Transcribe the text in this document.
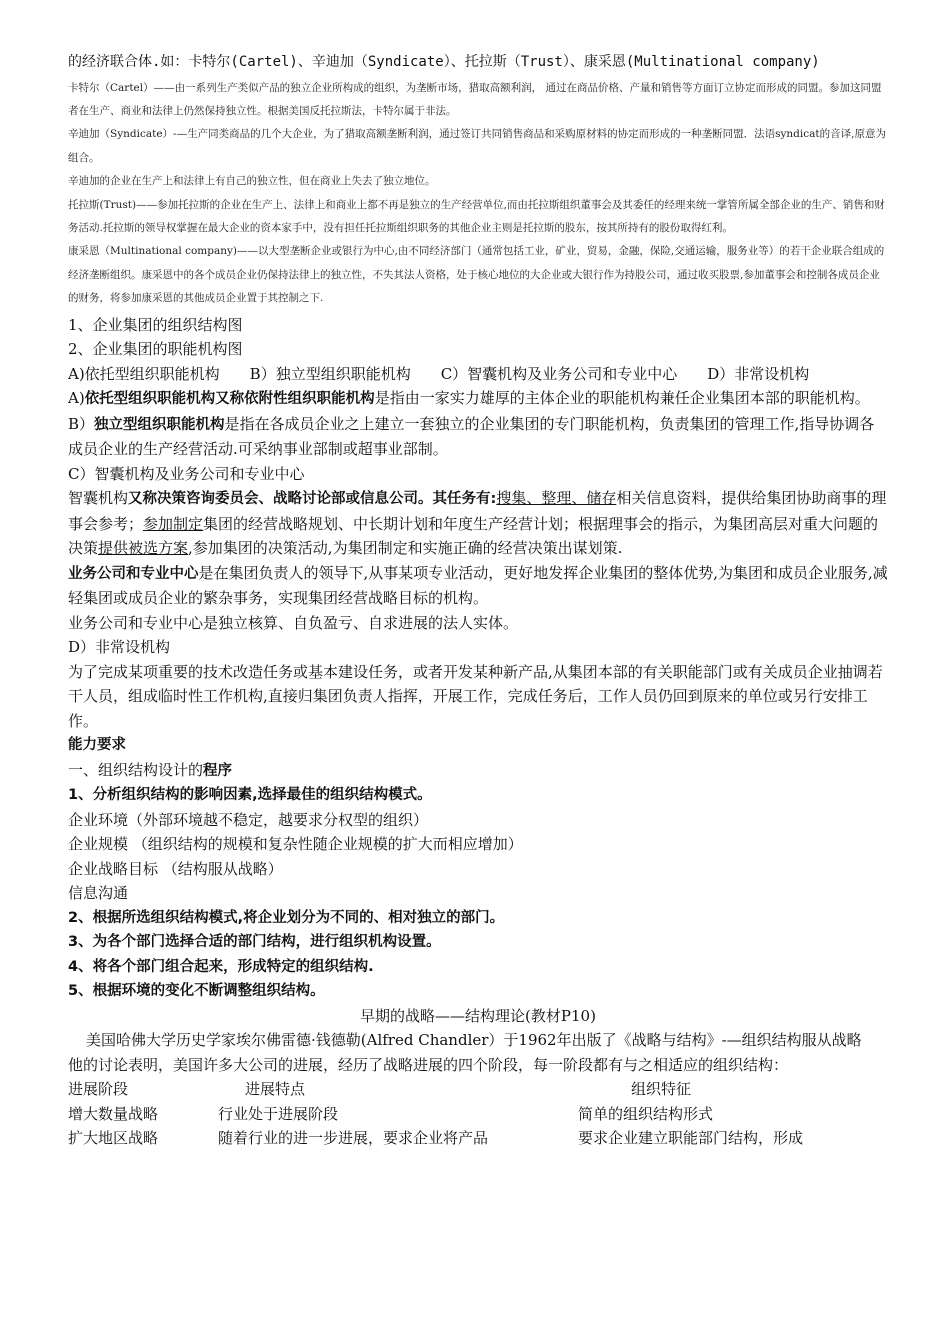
的经济联合体.如：卡特尔(Cartel)、辛迪加（Syndicate）、托拉斯（Trust）、康采恩(Multinational company)

卡特尔（Cartel）——由一系列生产类似产品的独立企业所构成的组织，为垄断市场，猎取高额利润， 通过在商品价格、产量和销售等方面订立协定而形成的同盟。参加这同盟者在生产、商业和法律上仍然保持独立性。根据美国反托拉斯法，卡特尔属于非法。

辛迪加（Syndicate）-—生产同类商品的几个大企业，为了猎取高额垄断利润，通过签订共同销售商品和采购原材料的协定而形成的一种垄断同盟．法语syndicat的音译,原意为组合。

辛迪加的企业在生产上和法律上有自己的独立性，但在商业上失去了独立地位。

托拉斯(Trust)——参加托拉斯的企业在生产上、法律上和商业上都不再是独立的生产经营单位,而由托拉斯组织董事会及其委任的经理来统一掌管所属全部企业的生产、销售和财务活动.托拉斯的领导权掌握在最大企业的资本家手中，没有担任托拉斯组织职务的其他企业主则是托拉斯的股东，按其所持有的股份取得红利。

康采恩（Multinational company)——以大型垄断企业或银行为中心,由不同经济部门（通常包括工业，矿业，贸易，金融，保险,交通运输，服务业等）的若干企业联合组成的经济垄断组织。康采恩中的各个成员企业仍保持法律上的独立性，不失其法人资格，处于核心地位的大企业或大银行作为持股公司，通过收买股票,参加董事会和控制各成员企业的财务，将参加康采恩的其他成员企业置于其控制之下.

1、企业集团的组织结构图

2、企业集团的职能机构图

A)依托型组织职能机构　　B）独立型组织职能机构　　C）智囊机构及业务公司和专业中心　　D）非常设机构

A)依托型组织职能机构又称依附性组织职能机构是指由一家实力雄厚的主体企业的职能机构兼任企业集团本部的职能机构。

B）独立型组织职能机构是指在各成员企业之上建立一套独立的企业集团的专门职能机构，负责集团的管理工作,指导协调各成员企业的生产经营活动.可采纳事业部制或超事业部制。

C）智囊机构及业务公司和专业中心

智囊机构又称决策咨询委员会、战略讨论部或信息公司。其任务有:搜集、整理、储存相关信息资料，提供给集团协助商事的理事会参考；参加制定集团的经营战略规划、中长期计划和年度生产经营计划；根据理事会的指示，为集团高层对重大问题的决策提供被选方案,参加集团的决策活动,为集团制定和实施正确的经营决策出谋划策.

业务公司和专业中心是在集团负责人的领导下,从事某项专业活动，更好地发挥企业集团的整体优势,为集团和成员企业服务,减轻集团或成员企业的繁杂事务，实现集团经营战略目标的机构。

业务公司和专业中心是独立核算、自负盈亏、自求进展的法人实体。

D）非常设机构

为了完成某项重要的技术改造任务或基本建设任务，或者开发某种新产品,从集团本部的有关职能部门或有关成员企业抽调若干人员，组成临时性工作机构,直接归集团负责人指挥，开展工作，完成任务后，工作人员仍回到原来的单位或另行安排工作。

能力要求

一、组织结构设计的程序

1、分析组织结构的影响因素,选择最佳的组织结构模式。

企业环境（外部环境越不稳定，越要求分权型的组织）

企业规模 （组织结构的规模和复杂性随企业规模的扩大而相应增加）

企业战略目标 （结构服从战略）

信息沟通

2、根据所选组织结构模式,将企业划分为不同的、相对独立的部门。

3、为各个部门选择合适的部门结构，进行组织机构设置。

4、将各个部门组合起来，形成特定的组织结构.

5、根据环境的变化不断调整组织结构。

早期的战略——结构理论(教材P10)

美国哈佛大学历史学家埃尔佛雷德·钱德勒(Alfred Chandler）于1962年出版了《战略与结构》-—组织结构服从战略

他的讨论表明，美国许多大公司的进展，经历了战略进展的四个阶段，每一阶段都有与之相适应的组织结构：

进展阶段	进展特点	组织特征
增大数量战略	行业处于进展阶段	简单的组织结构形式
扩大地区战略	随着行业的进一步进展，要求企业将产品	要求企业建立职能部门结构，形成
